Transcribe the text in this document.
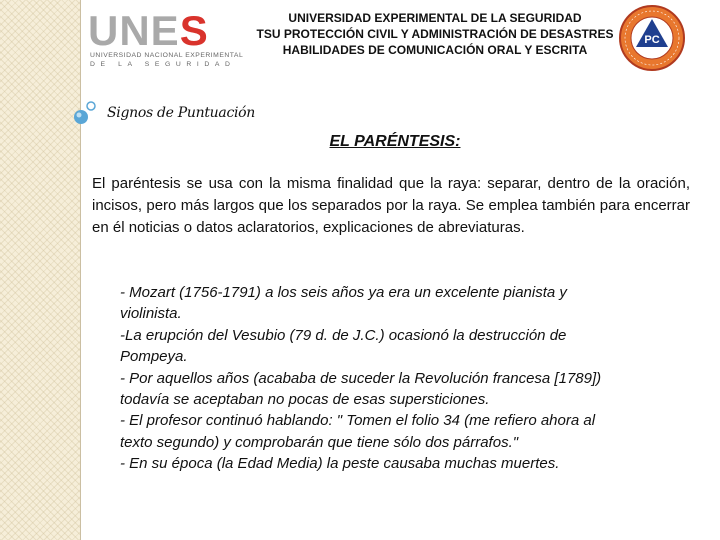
UNES
UNIVERSIDAD NACIONAL EXPERIMENTAL
DE LA SEGURIDAD
UNIVERSIDAD EXPERIMENTAL DE LA SEGURIDAD
TSU PROTECCIÓN CIVIL Y ADMINISTRACIÓN DE DESASTRES
HABILIDADES DE COMUNICACIÓN ORAL Y ESCRITA
PC
Signos de Puntuación
EL PARÉNTESIS:
El paréntesis se usa con la misma finalidad que la raya: separar, dentro de la oración, incisos, pero más largos que los separados por la raya. Se emplea también para encerrar en él noticias o datos aclaratorios, explicaciones de abreviaturas.
- Mozart (1756-1791) a los seis años ya era un excelente pianista y
violinista.
-La erupción del Vesubio (79 d. de J.C.) ocasionó la destrucción de
Pompeya.
- Por aquellos años (acababa de suceder la Revolución francesa [1789])
todavía se aceptaban no pocas de esas supersticiones.
- El profesor continuó hablando: " Tomen el folio 34 (me refiero ahora al
texto segundo) y comprobarán que tiene sólo dos párrafos."
- En su época (la Edad Media) la peste causaba muchas muertes.
